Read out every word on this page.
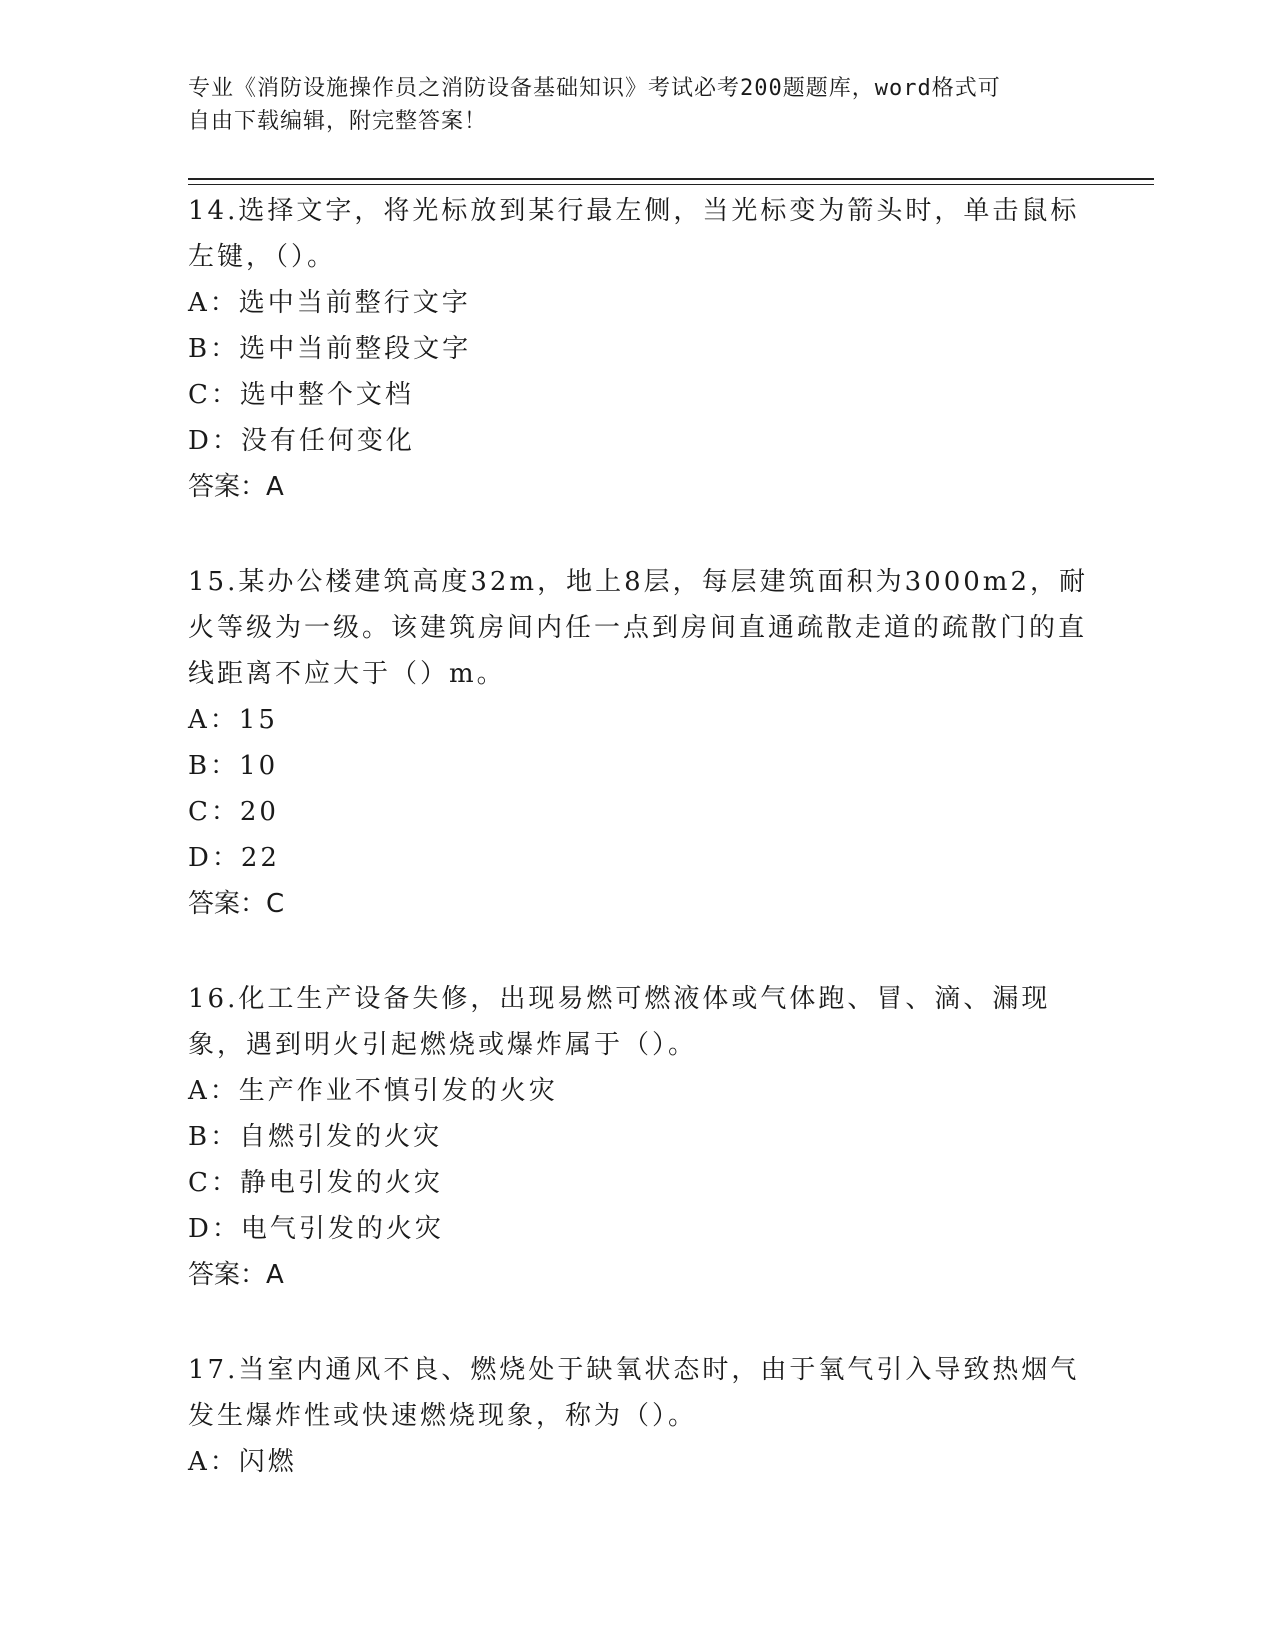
专业《消防设施操作员之消防设备基础知识》考试必考200题题库，word格式可
自由下载编辑，附完整答案！

14.选择文字，将光标放到某行最左侧，当光标变为箭头时，单击鼠标左键，（）。

A：选中当前整行文字

B：选中当前整段文字

C：选中整个文档

D：没有任何变化

答案：A

15.某办公楼建筑高度32m，地上8层，每层建筑面积为3000m2，耐火等级为一级。该建筑房间内任一点到房间直通疏散走道的疏散门的直线距离不应大于（）m。

A：15

B：10

C：20

D：22

答案：C

16.化工生产设备失修，出现易燃可燃液体或气体跑、冒、滴、漏现象，遇到明火引起燃烧或爆炸属于（）。

A：生产作业不慎引发的火灾

B：自燃引发的火灾

C：静电引发的火灾

D：电气引发的火灾

答案：A

17.当室内通风不良、燃烧处于缺氧状态时，由于氧气引入导致热烟气发生爆炸性或快速燃烧现象，称为（）。

A：闪燃
